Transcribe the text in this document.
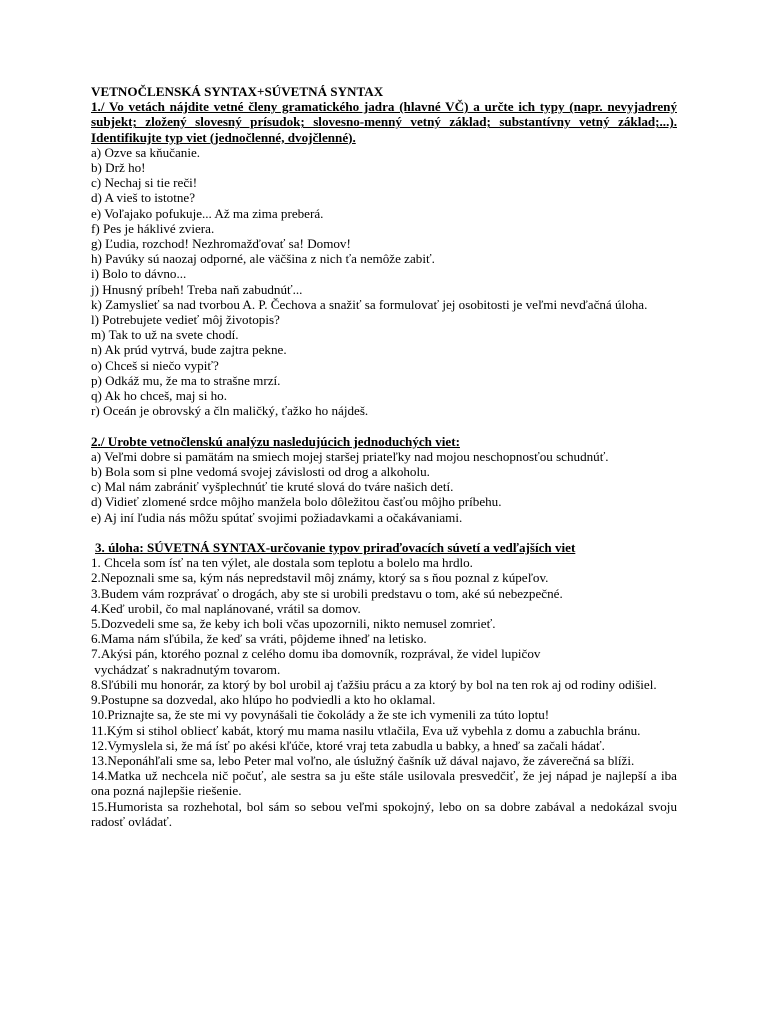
VETNOČLENSKÁ SYNTAX+SÚVETNÁ SYNTAX
1./ Vo vetách nájdite vetné členy gramatického jadra (hlavné VČ) a určte ich typy (napr. nevyjadrený subjekt; zložený slovesný prísudok; slovesno-menný vetný základ; substantívny vetný základ;...). Identifikujte typ viet (jednočlenné, dvojčlenné).
a) Ozve sa kňučanie.
b) Drž ho!
c) Nechaj si tie reči!
d) A vieš to istotne?
e) Voľajako pofukuje... Až ma zima preberá.
f) Pes je háklivé zviera.
g) Ľudia, rozchod! Nezhromažďovať sa! Domov!
h) Pavúky sú naozaj odporné, ale väčšina z nich ťa nemôže zabiť.
i) Bolo to dávno...
j) Hnusný príbeh! Treba naň zabudnúť...
k) Zamyslieť sa nad tvorbou A. P. Čechova a snažiť sa formulovať jej osobitosti je veľmi nevďačná úloha.
l) Potrebujete vedieť môj životopis?
m) Tak to už na svete chodí.
n) Ak prúd vytrvá, bude zajtra pekne.
o) Chceš si niečo vypiť?
p) Odkáž mu, že ma to strašne mrzí.
q) Ak ho chceš, maj si ho.
r) Oceán je obrovský a čln maličký, ťažko ho nájdeš.
2./ Urobte vetnočlenskú analýzu nasledujúcich jednoduchých viet:
a) Veľmi dobre si pamätám na smiech mojej staršej priateľky nad mojou neschopnosťou schudnúť.
b) Bola som si plne vedomá svojej závislosti od drog a alkoholu.
c) Mal nám zabrániť vyšplechnúť tie kruté slová do tváre našich detí.
d) Vidieť zlomené srdce môjho manžela bolo dôležitou časťou môjho príbehu.
e) Aj iní ľudia nás môžu spútať svojimi požiadavkami a očakávaniami.
3. úloha: SÚVETNÁ SYNTAX-určovanie typov priraďovacích súvetí a vedľajších viet
1. Chcela som ísť na ten výlet, ale dostala som teplotu a bolelo ma hrdlo.
2.Nepoznali sme sa, kým nás nepredstavil môj známy, ktorý sa s ňou poznal z kúpeľov.
3.Budem vám rozprávať o drogách, aby ste si urobili predstavu o tom, aké sú nebezpečné.
4.Keď urobil, čo mal naplánované, vrátil sa domov.
5.Dozvedeli sme sa, že keby ich boli včas upozornili, nikto nemusel zomrieť.
6.Mama nám sľúbila, že keď sa vráti, pôjdeme ihneď na letisko.
7.Akýsi pán, ktorého poznal z celého domu iba domovník, rozprával, že videl lupičov
vychádzať s nakradnutým tovarom.
8.Sľúbili mu honorár, za ktorý by bol urobil aj ťažšiu prácu a za ktorý by bol na ten rok aj od rodiny odišiel.
9.Postupne sa dozvedal, ako hlúpo ho podviedli a kto ho oklamal.
10.Priznajte sa, že ste mi vy povynášali tie čokolády a že ste ich vymenili za túto loptu!
11.Kým si stihol obliecť kabát, ktorý mu mama nasilu vtlačila, Eva už vybehla z domu a zabuchla bránu.
12.Vymyslela si, že má ísť po akési kľúče, ktoré vraj teta zabudla u babky, a hneď sa začali hádať.
13.Neponáhľali sme sa, lebo Peter mal voľno, ale úslužný čašník už dával najavo, že záverečná sa blíži.
14.Matka už nechcela nič počuť, ale sestra sa ju ešte stále usilovala presvedčiť, že jej nápad je najlepší a iba ona pozná najlepšie riešenie.
15.Humorista sa rozhehotal, bol sám so sebou veľmi spokojný, lebo on sa dobre zabával a nedokázal svoju radosť ovládať.
